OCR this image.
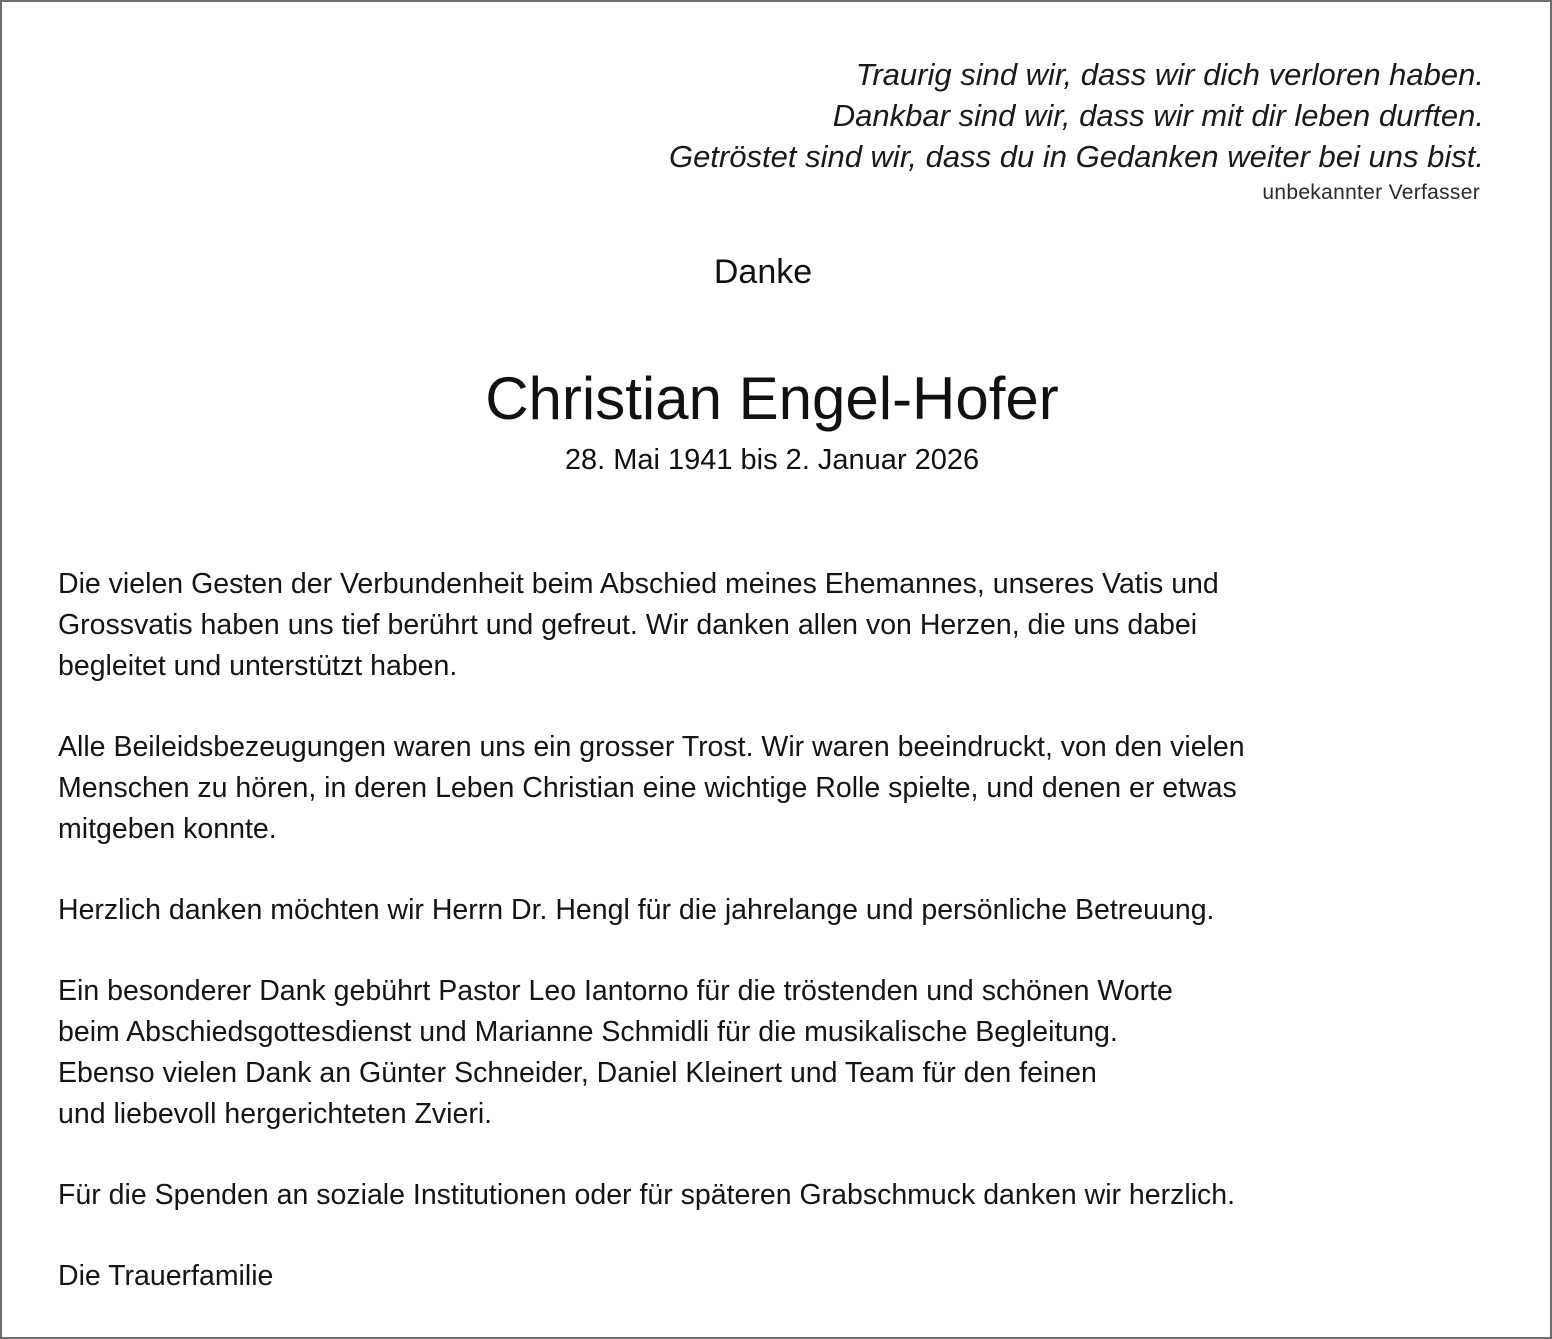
Traurig sind wir, dass wir dich verloren haben.
Dankbar sind wir, dass wir mit dir leben durften.
Getröstet sind wir, dass du in Gedanken weiter bei uns bist.
unbekannter Verfasser
Danke
Christian Engel-Hofer
28. Mai 1941 bis 2. Januar 2026

Die vielen Gesten der Verbundenheit beim Abschied meines Ehemannes, unseres Vatis und
Grossvatis haben uns tief berührt und gefreut. Wir danken allen von Herzen, die uns dabei
begleitet und unterstützt haben.

Alle Beileidsbezeugungen waren uns ein grosser Trost. Wir waren beeindruckt, von den vielen
Menschen zu hören, in deren Leben Christian eine wichtige Rolle spielte, und denen er etwas
mitgeben konnte.

Herzlich danken möchten wir Herrn Dr. Hengl für die jahrelange und persönliche Betreuung.

Ein besonderer Dank gebührt Pastor Leo Iantorno für die tröstenden und schönen Worte
beim Abschiedsgottesdienst und Marianne Schmidli für die musikalische Begleitung.
Ebenso vielen Dank an Günter Schneider, Daniel Kleinert und Team für den feinen
und liebevoll hergerichteten Zvieri.

Für die Spenden an soziale Institutionen oder für späteren Grabschmuck danken wir herzlich.

Die Trauerfamilie
